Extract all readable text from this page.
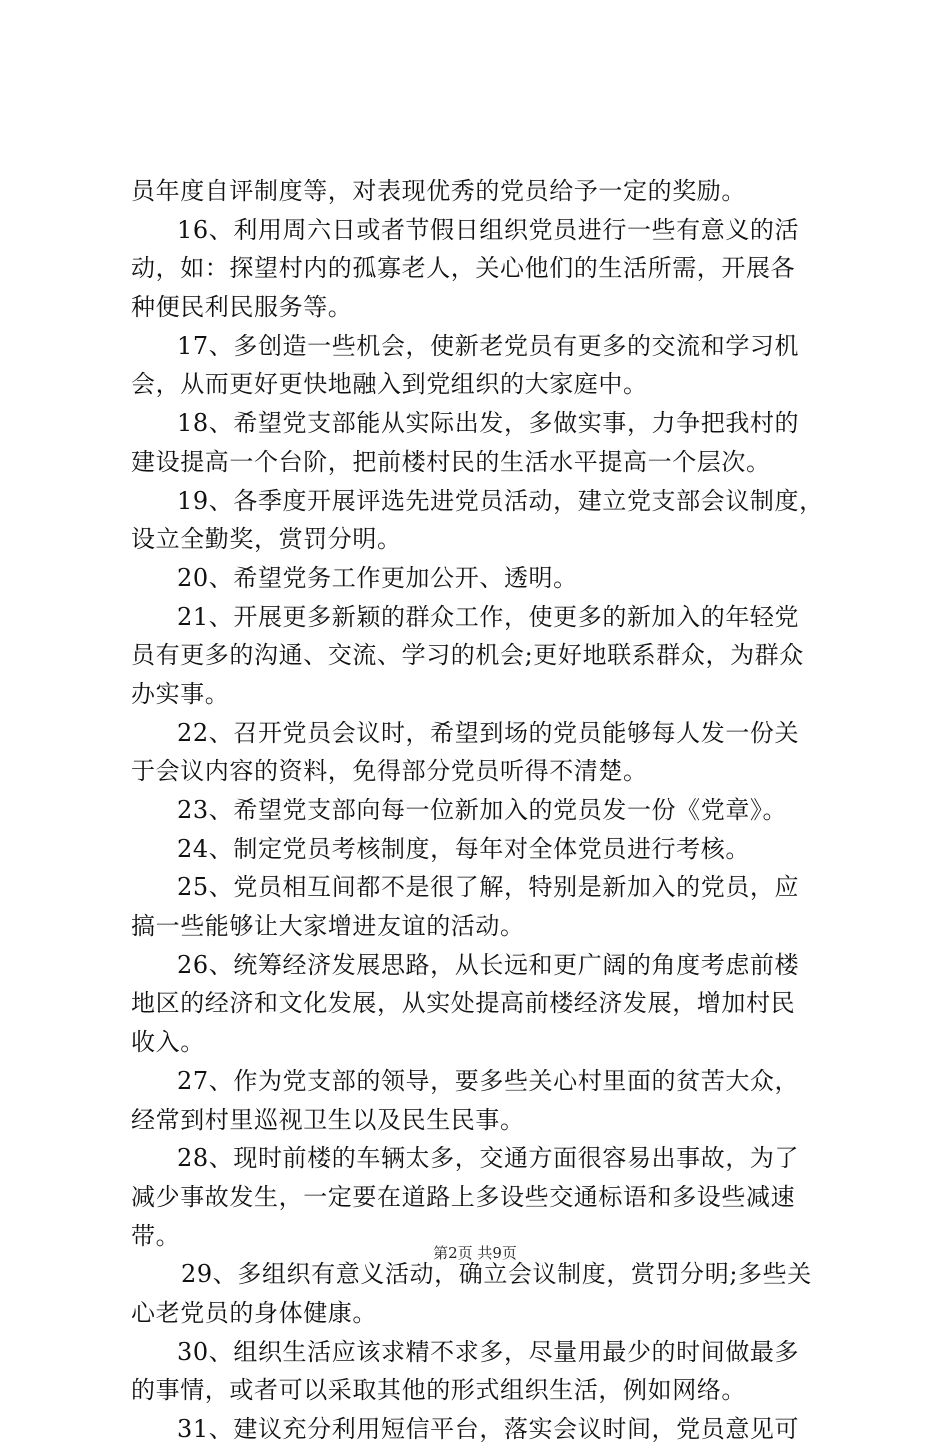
员年度自评制度等，对表现优秀的党员给予一定的奖励。
16、利用周六日或者节假日组织党员进行一些有意义的活
动，如：探望村内的孤寡老人，关心他们的生活所需，开展各
种便民利民服务等。
17、多创造一些机会，使新老党员有更多的交流和学习机
会，从而更好更快地融入到党组织的大家庭中。
18、希望党支部能从实际出发，多做实事，力争把我村的
建设提高一个台阶，把前楼村民的生活水平提高一个层次。
19、各季度开展评选先进党员活动，建立党支部会议制度，
设立全勤奖，赏罚分明。
20、希望党务工作更加公开、透明。
21、开展更多新颖的群众工作，使更多的新加入的年轻党
员有更多的沟通、交流、学习的机会;更好地联系群众，为群众
办实事。
22、召开党员会议时，希望到场的党员能够每人发一份关
于会议内容的资料，免得部分党员听得不清楚。
23、希望党支部向每一位新加入的党员发一份《党章》。
24、制定党员考核制度，每年对全体党员进行考核。
25、党员相互间都不是很了解，特别是新加入的党员，应
搞一些能够让大家增进友谊的活动。
26、统筹经济发展思路，从长远和更广阔的角度考虑前楼
地区的经济和文化发展，从实处提高前楼经济发展，增加村民
收入。
27、作为党支部的领导，要多些关心村里面的贫苦大众，
经常到村里巡视卫生以及民生民事。
28、现时前楼的车辆太多，交通方面很容易出事故，为了
减少事故发生，一定要在道路上多设些交通标语和多设些减速
带。
29、多组织有意义活动，确立会议制度，赏罚分明;多些关
心老党员的身体健康。
30、组织生活应该求精不求多，尽量用最少的时间做最多
的事情，或者可以采取其他的形式组织生活，例如网络。
31、建议充分利用短信平台，落实会议时间，党员意见可
第2页 共9页
